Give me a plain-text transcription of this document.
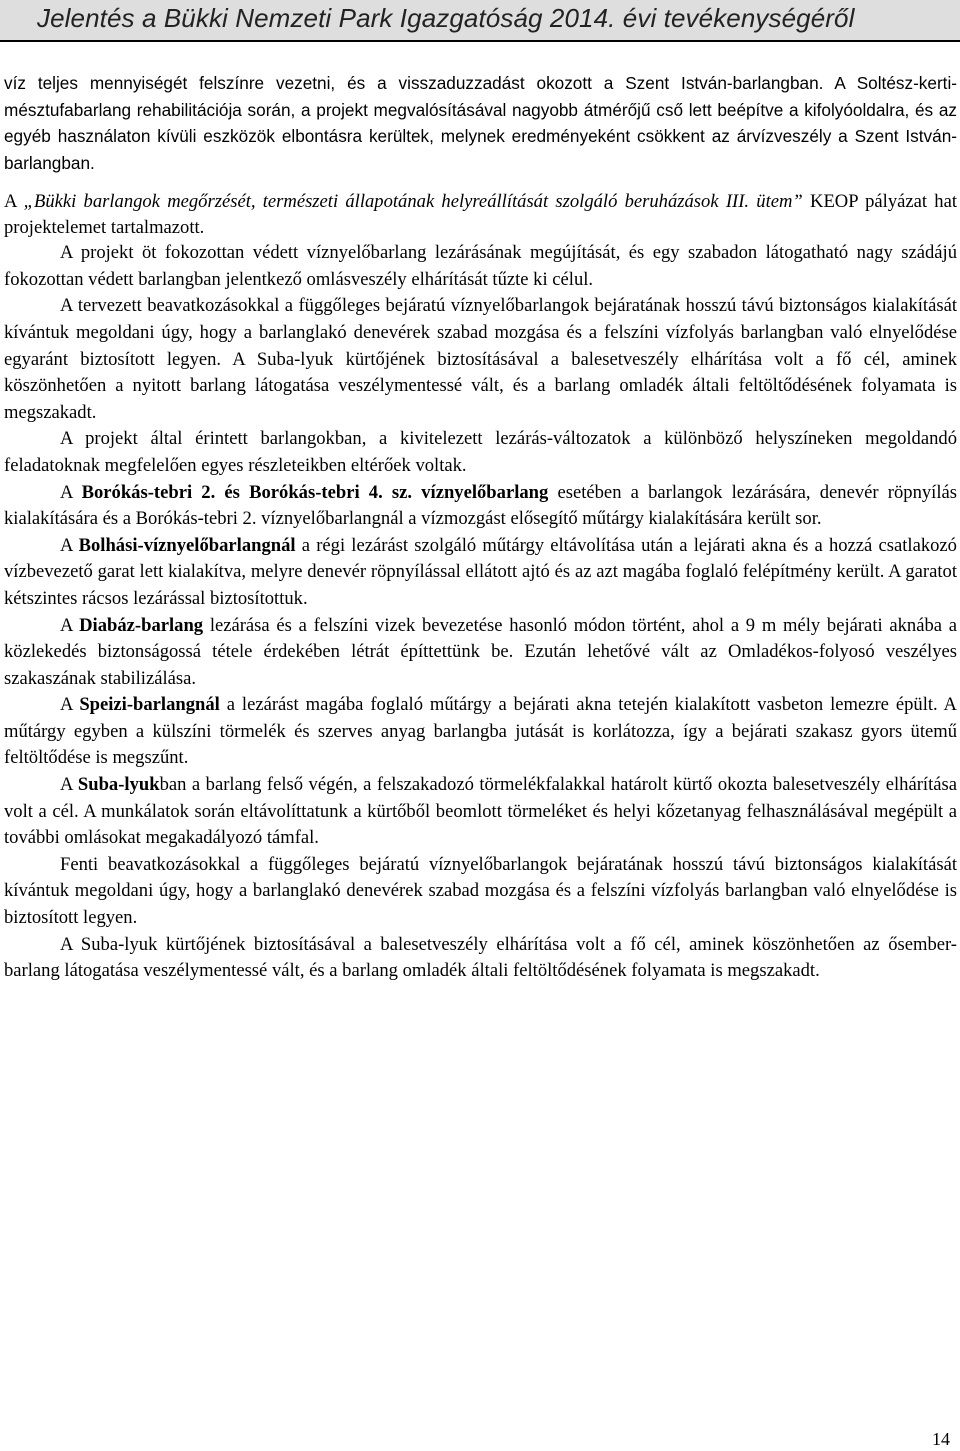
Jelentés a Bükki Nemzeti Park Igazgatóság 2014. évi tevékenységéről

víz teljes mennyiségét felszínre vezetni, és a visszaduzzadást okozott a Szent István-barlangban. A Soltész-kerti-mésztufabarlang rehabilitációja során, a projekt megvalósításával nagyobb átmérőjű cső lett beépítve a kifolyóoldalra, és az egyéb használaton kívüli eszközök elbontásra kerültek, melynek eredményeként csökkent az árvízveszély a Szent István-barlangban.

A „Bükki barlangok megőrzését, természeti állapotának helyreállítását szolgáló beruházások III. ütem” KEOP pályázat hat projektelemet tartalmazott.

A projekt öt fokozottan védett víznyelőbarlang lezárásának megújítását, és egy szabadon látogatható nagy szádájú fokozottan védett barlangban jelentkező omlásveszély elhárítását tűzte ki célul.

A tervezett beavatkozásokkal a függőleges bejáratú víznyelőbarlangok bejáratának hosszú távú biztonságos kialakítását kívántuk megoldani úgy, hogy a barlanglakó denevérek szabad mozgása és a felszíni vízfolyás barlangban való elnyelődése egyaránt biztosított legyen. A Suba-lyuk kürtőjének biztosításával a balesetveszély elhárítása volt a fő cél, aminek köszönhetően a nyitott barlang látogatása veszélymentessé vált, és a barlang omladék általi feltöltődésének folyamata is megszakadt.

A projekt által érintett barlangokban, a kivitelezett lezárás-változatok a különböző helyszíneken megoldandó feladatoknak megfelelően egyes részleteikben eltérőek voltak.

A Borókás-tebri 2. és Borókás-tebri 4. sz. víznyelőbarlang esetében a barlangok lezárására, denevér röpnyílás kialakítására és a Borókás-tebri 2. víznyelőbarlangnál a vízmozgást elősegítő műtárgy kialakítására került sor.

A Bolhási-víznyelőbarlangnál a régi lezárást szolgáló műtárgy eltávolítása után a lejárati akna és a hozzá csatlakozó vízbevezető garat lett kialakítva, melyre denevér röpnyílással ellátott ajtó és az azt magába foglaló felépítmény került. A garatot kétszintes rácsos lezárással biztosítottuk.

A Diabáz-barlang lezárása és a felszíni vizek bevezetése hasonló módon történt, ahol a 9 m mély bejárati aknába a közlekedés biztonságossá tétele érdekében létrát építtettünk be. Ezután lehetővé vált az Omladékos-folyosó veszélyes szakaszának stabilizálása.

A Speizi-barlangnál a lezárást magába foglaló műtárgy a bejárati akna tetején kialakított vasbeton lemezre épült. A műtárgy egyben a külszíni törmelék és szerves anyag barlangba jutását is korlátozza, így a bejárati szakasz gyors ütemű feltöltődése is megszűnt.

A Suba-lyukban a barlang felső végén, a felszakadozó törmelékfalakkal határolt kürtő okozta balesetveszély elhárítása volt a cél. A munkálatok során eltávolíttatunk a kürtőből beomlott törmeléket és helyi kőzetanyag felhasználásával megépült a további omlásokat megakadályozó támfal.

Fenti beavatkozásokkal a függőleges bejáratú víznyelőbarlangok bejáratának hosszú távú biztonságos kialakítását kívántuk megoldani úgy, hogy a barlanglakó denevérek szabad mozgása és a felszíni vízfolyás barlangban való elnyelődése is biztosított legyen.

A Suba-lyuk kürtőjének biztosításával a balesetveszély elhárítása volt a fő cél, aminek köszönhetően az ősember-barlang látogatása veszélymentessé vált, és a barlang omladék általi feltöltődésének folyamata is megszakadt.

14
